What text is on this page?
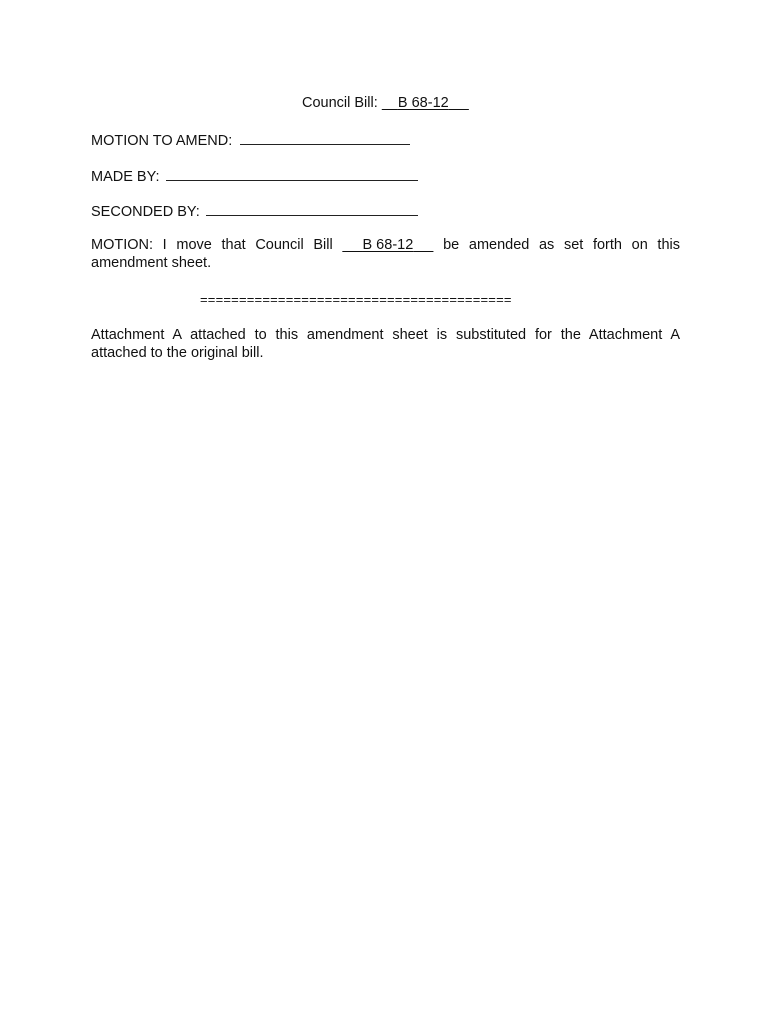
Council Bill: B 68-12
MOTION TO AMEND:
MADE BY:
SECONDED BY:
MOTION: I move that Council Bill B 68-12 be amended as set forth on this amendment sheet.
========================================
Attachment A attached to this amendment sheet is substituted for the Attachment A attached to the original bill.
